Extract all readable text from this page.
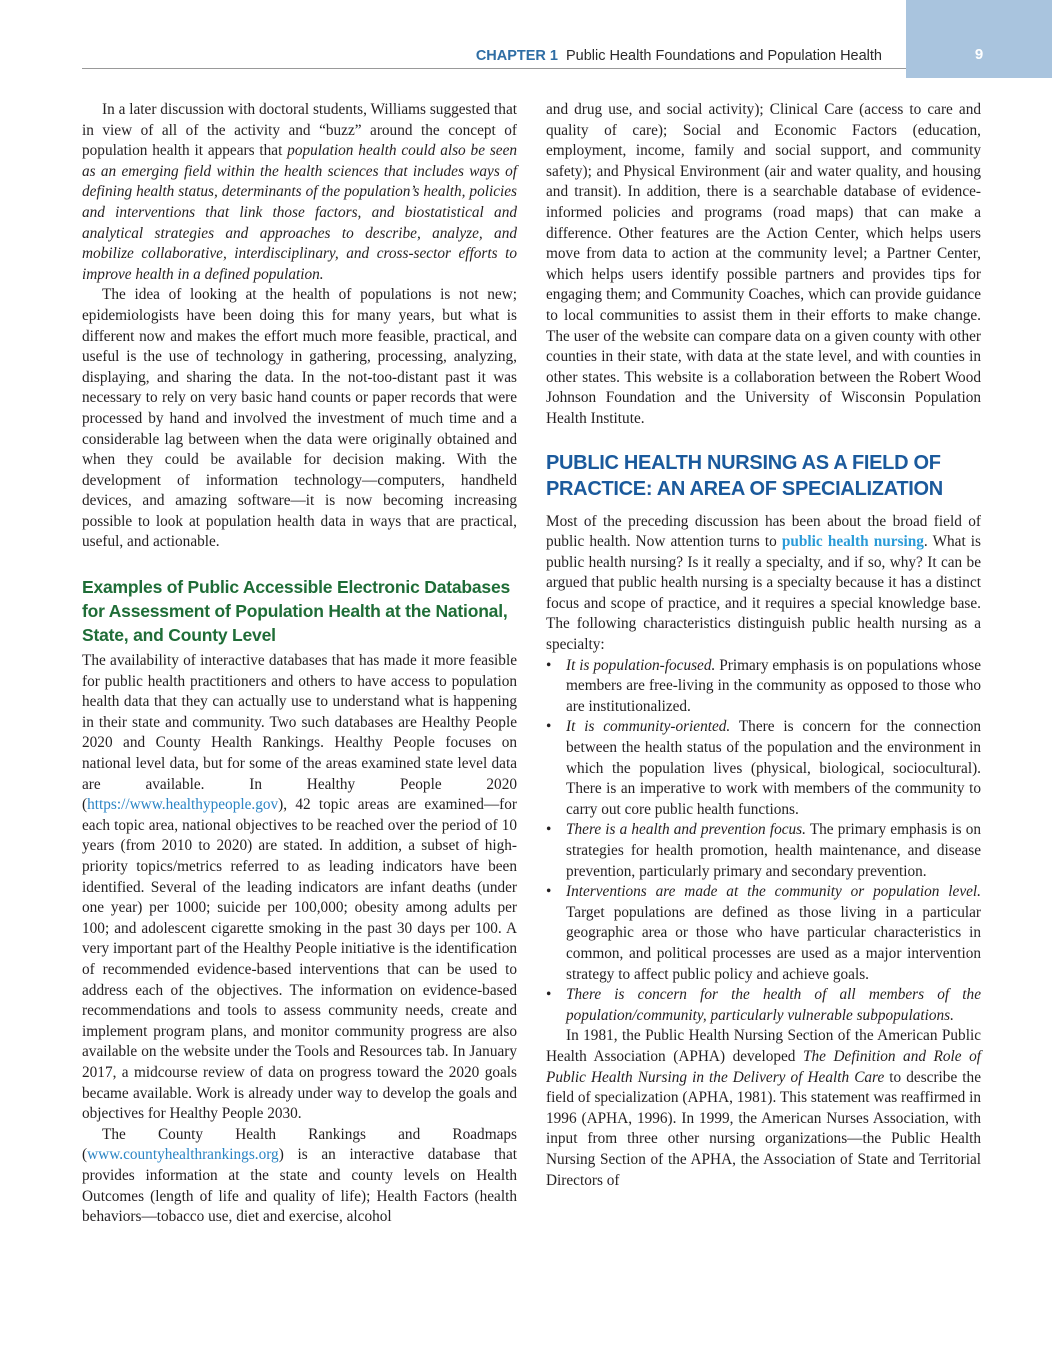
9
CHAPTER 1 Public Health Foundations and Population Health

In a later discussion with doctoral students, Williams suggested that in view of all of the activity and “buzz” around the concept of population health it appears that population health could also be seen as an emerging field within the health sciences that includes ways of defining health status, determinants of the population’s health, policies and interventions that link those factors, and biostatistical and analytical strategies and approaches to describe, analyze, and mobilize collaborative, interdisciplinary, and cross-sector efforts to improve health in a defined population.

The idea of looking at the health of populations is not new; epidemiologists have been doing this for many years, but what is different now and makes the effort much more feasible, practical, and useful is the use of technology in gathering, processing, analyzing, displaying, and sharing the data. In the not-too-distant past it was necessary to rely on very basic hand counts or paper records that were processed by hand and involved the investment of much time and a considerable lag between when the data were originally obtained and when they could be available for decision making. With the development of information technology—computers, handheld devices, and amazing software—it is now becoming increasing possible to look at population health data in ways that are practical, useful, and actionable.

Examples of Public Accessible Electronic Databases for Assessment of Population Health at the National, State, and County Level

The availability of interactive databases that has made it more feasible for public health practitioners and others to have access to population health data that they can actually use to understand what is happening in their state and community. Two such databases are Healthy People 2020 and County Health Rankings. Healthy People focuses on national level data, but for some of the areas examined state level data are available. In Healthy People 2020 (https://www.healthypeople.gov), 42 topic areas are examined—for each topic area, national objectives to be reached over the period of 10 years (from 2010 to 2020) are stated. In addition, a subset of high-priority topics/metrics referred to as leading indicators have been identified. Several of the leading indicators are infant deaths (under one year) per 1000; suicide per 100,000; obesity among adults per 100; and adolescent cigarette smoking in the past 30 days per 100. A very important part of the Healthy People initiative is the identification of recommended evidence-based interventions that can be used to address each of the objectives. The information on evidence-based recommendations and tools to assess community needs, create and implement program plans, and monitor community progress are also available on the website under the Tools and Resources tab. In January 2017, a midcourse review of data on progress toward the 2020 goals became available. Work is already under way to develop the goals and objectives for Healthy People 2030.

The County Health Rankings and Roadmaps (www.countyhealthrankings.org) is an interactive database that provides information at the state and county levels on Health Outcomes (length of life and quality of life); Health Factors (health behaviors—tobacco use, diet and exercise, alcohol

and drug use, and social activity); Clinical Care (access to care and quality of care); Social and Economic Factors (education, employment, income, family and social support, and community safety); and Physical Environment (air and water quality, and housing and transit). In addition, there is a searchable database of evidence-informed policies and programs (road maps) that can make a difference. Other features are the Action Center, which helps users move from data to action at the community level; a Partner Center, which helps users identify possible partners and provides tips for engaging them; and Community Coaches, which can provide guidance to local communities to assist them in their efforts to make change. The user of the website can compare data on a given county with other counties in their state, with data at the state level, and with counties in other states. This website is a collaboration between the Robert Wood Johnson Foundation and the University of Wisconsin Population Health Institute.

PUBLIC HEALTH NURSING AS A FIELD OF PRACTICE: AN AREA OF SPECIALIZATION

Most of the preceding discussion has been about the broad field of public health. Now attention turns to public health nursing. What is public health nursing? Is it really a specialty, and if so, why? It can be argued that public health nursing is a specialty because it has a distinct focus and scope of practice, and it requires a special knowledge base. The following characteristics distinguish public health nursing as a specialty:

• It is population-focused. Primary emphasis is on populations whose members are free-living in the community as opposed to those who are institutionalized.
• It is community-oriented. There is concern for the connection between the health status of the population and the environment in which the population lives (physical, biological, sociocultural). There is an imperative to work with members of the community to carry out core public health functions.
• There is a health and prevention focus. The primary emphasis is on strategies for health promotion, health maintenance, and disease prevention, particularly primary and secondary prevention.
• Interventions are made at the community or population level. Target populations are defined as those living in a particular geographic area or those who have particular characteristics in common, and political processes are used as a major intervention strategy to affect public policy and achieve goals.
• There is concern for the health of all members of the population/community, particularly vulnerable subpopulations.

In 1981, the Public Health Nursing Section of the American Public Health Association (APHA) developed The Definition and Role of Public Health Nursing in the Delivery of Health Care to describe the field of specialization (APHA, 1981). This statement was reaffirmed in 1996 (APHA, 1996). In 1999, the American Nurses Association, with input from three other nursing organizations—the Public Health Nursing Section of the APHA, the Association of State and Territorial Directors of
